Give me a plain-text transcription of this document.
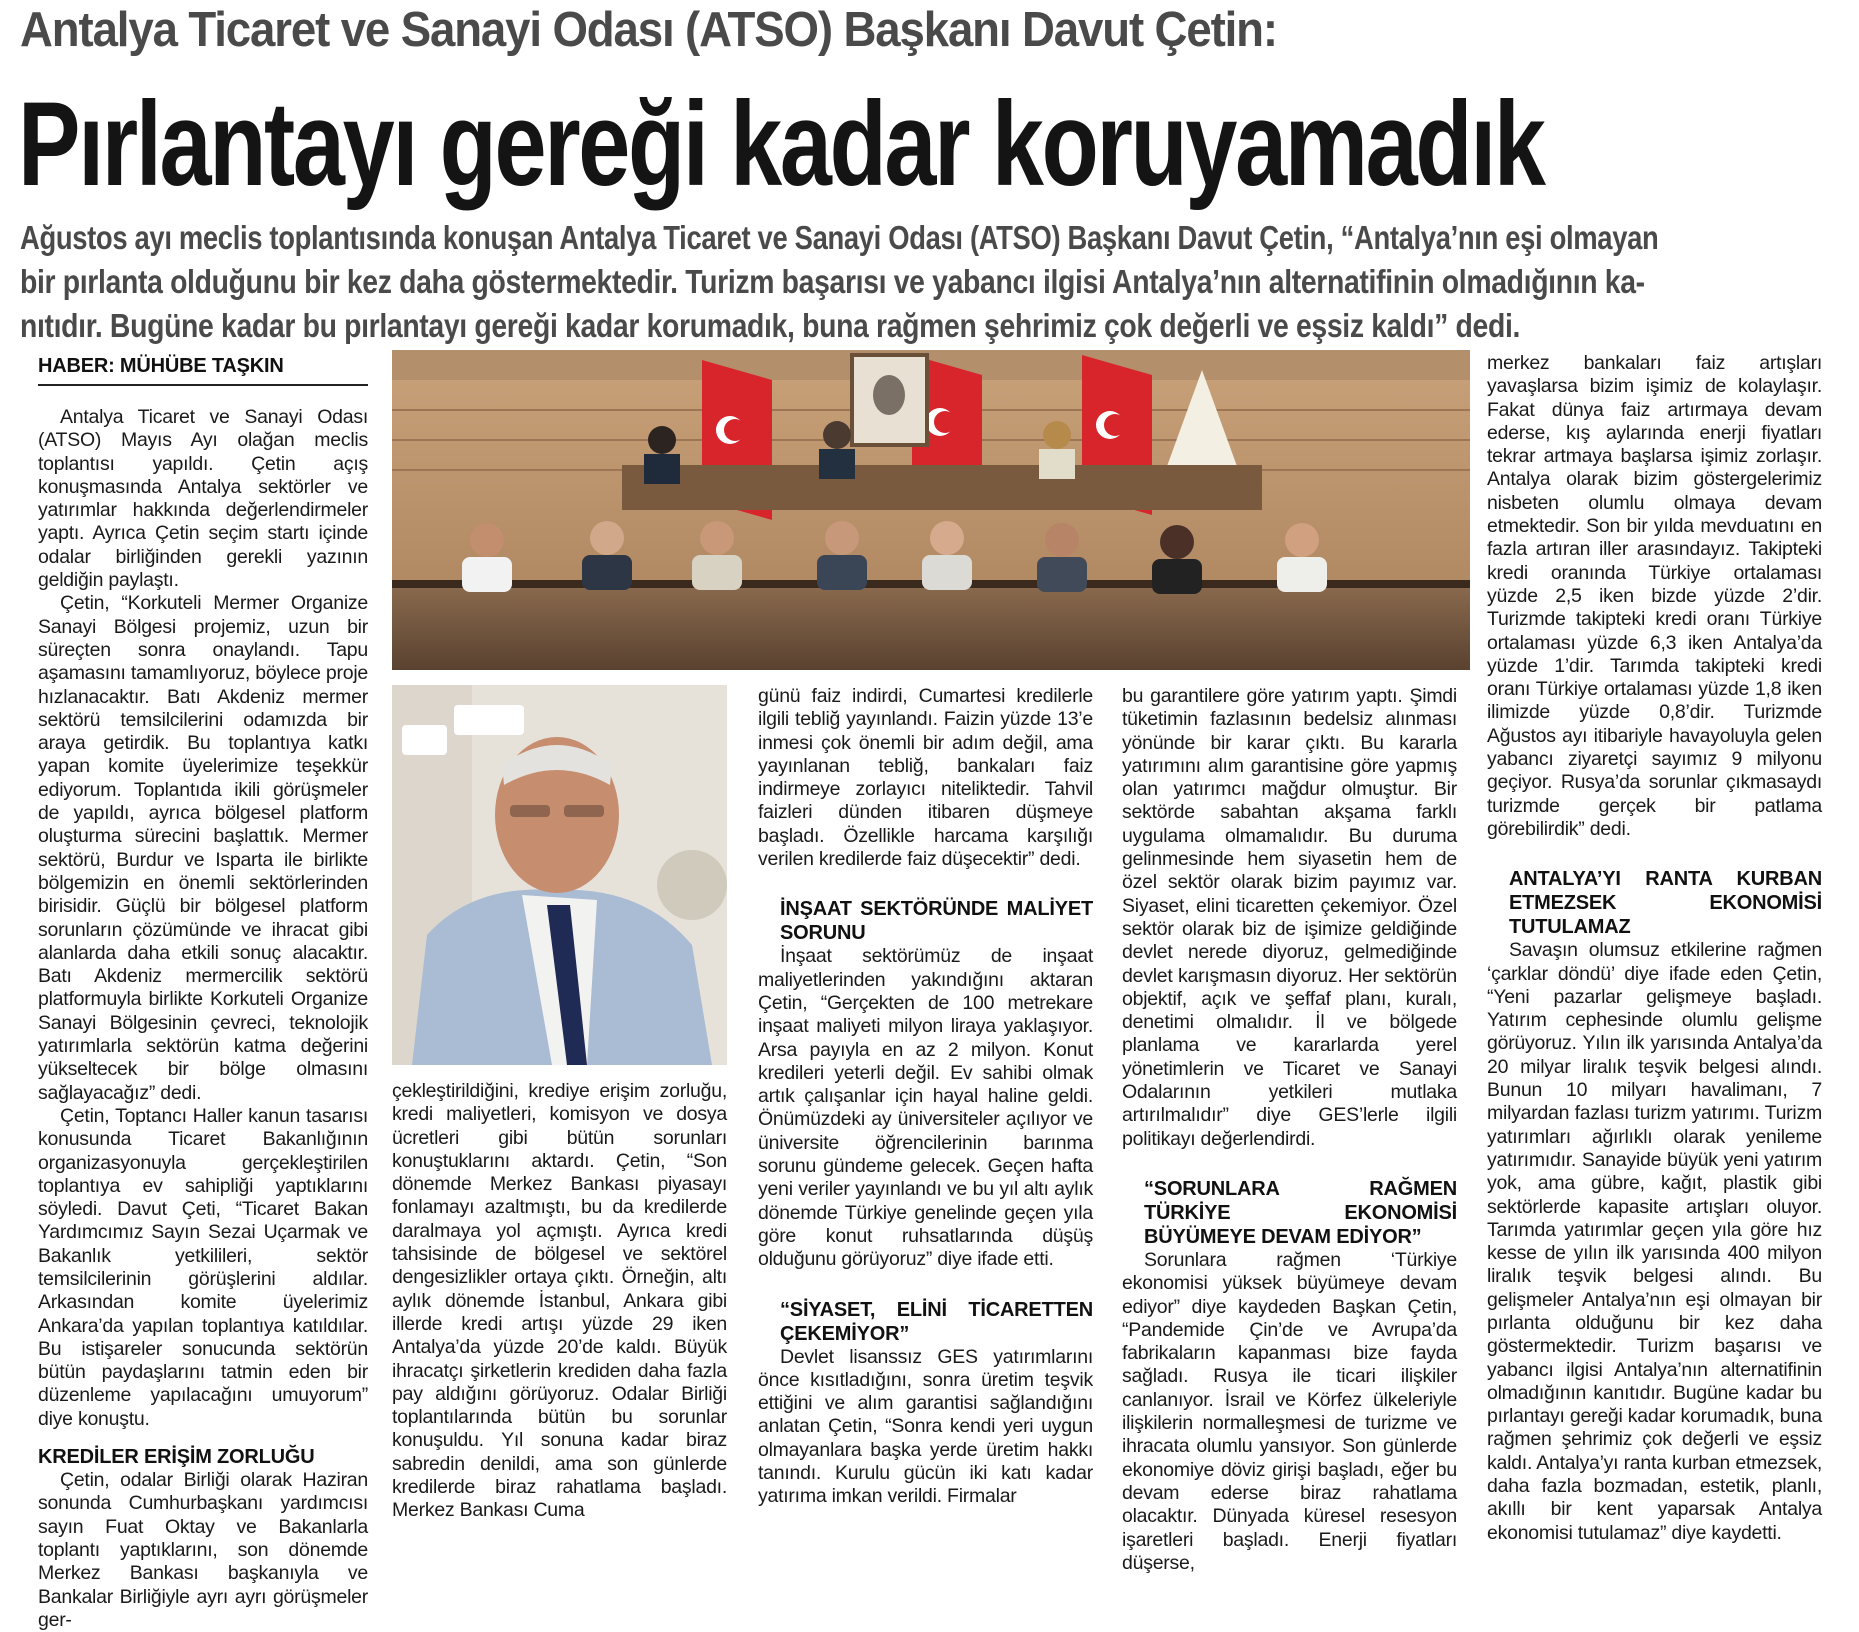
Antalya Ticaret ve Sanayi Odası (ATSO) Başkanı Davut Çetin:
Pırlantayı gereği kadar koruyamadık
Ağustos ayı meclis toplantısında konuşan Antalya Ticaret ve Sanayi Odası (ATSO) Başkanı Davut Çetin, “Antalya’nın eşi olmayan
bir pırlanta olduğunu bir kez daha göstermektedir. Turizm başarısı ve yabancı ilgisi Antalya’nın alternatifinin olmadığının ka-
nıtıdır. Bugüne kadar bu pırlantayı gereği kadar korumadık, buna rağmen şehrimiz çok değerli ve eşsiz kaldı” dedi.
HABER: MÜHÜBE TAŞKIN

Antalya Ticaret ve Sanayi Odası (ATSO) Mayıs Ayı olağan meclis toplantısı yapıldı. Çetin açış konuşmasında Antalya sektörler ve yatırımlar hakkında değerlendirmeler yaptı. Ayrıca Çetin seçim startı içinde odalar birliğinden gerekli yazının geldiğin paylaştı.

Çetin, “Korkuteli Mermer Organize Sanayi Bölgesi projemiz, uzun bir süreçten sonra onaylandı. Tapu aşamasını tamamlıyoruz, böylece proje hızlanacaktır. Batı Akdeniz mermer sektörü temsilcilerini odamızda bir araya getirdik. Bu toplantıya katkı yapan komite üyelerimize teşekkür ediyorum. Toplantıda ikili görüşmeler de yapıldı, ayrıca bölgesel platform oluşturma sürecini başlattık. Mermer sektörü, Burdur ve Isparta ile birlikte bölgemizin en önemli sektörlerinden birisidir. Güçlü bir bölgesel platform sorunların çözümünde ve ihracat gibi alanlarda daha etkili sonuç alacaktır. Batı Akdeniz mermercilik sektörü platformuyla birlikte Korkuteli Organize Sanayi Bölgesinin çevreci, teknolojik yatırımlarla sektörün katma değerini yükseltecek bir bölge olmasını sağlayacağız” dedi.

Çetin, Toptancı Haller kanun tasarısı konusunda Ticaret Bakanlığının organizasyonuyla gerçekleştirilen toplantıya ev sahipliği yaptıklarını söyledi. Davut Çeti, “Ticaret Bakan Yardımcımız Sayın Sezai Uçarmak ve Bakanlık yetkilileri, sektör temsilcilerinin görüşlerini aldılar. Arkasından komite üyelerimiz Ankara’da yapılan toplantıya katıldılar. Bu istişareler sonucunda sektörün bütün paydaşlarını tatmin eden bir düzenleme yapılacağını umuyorum” diye konuştu.

KREDİLER ERİŞİM ZORLUĞU

Çetin, odalar Birliği olarak Haziran sonunda Cumhurbaşkanı yardımcısı sayın Fuat Oktay ve Bakanlarla toplantı yaptıklarını, son dönemde Merkez Bankası başkanıyla ve Bankalar Birliğiyle ayrı ayrı görüşmeler ger-

çekleştirildiğini, krediye erişim zorluğu, kredi maliyetleri, komisyon ve dosya ücretleri gibi bütün sorunları konuştuklarını aktardı. Çetin, “Son dönemde Merkez Bankası piyasayı fonlamayı azaltmıştı, bu da kredilerde daralmaya yol açmıştı. Ayrıca kredi tahsisinde de bölgesel ve sektörel dengesizlikler ortaya çıktı. Örneğin, altı aylık dönemde İstanbul, Ankara gibi illerde kredi artışı yüzde 29 iken Antalya’da yüzde 20’de kaldı. Büyük ihracatçı şirketlerin krediden daha fazla pay aldığını görüyoruz. Odalar Birliği toplantılarında bütün bu sorunlar konuşuldu. Yıl sonuna kadar biraz sabredin denildi, ama son günlerde kredilerde biraz rahatlama başladı. Merkez Bankası Cuma

günü faiz indirdi, Cumartesi kredilerle ilgili tebliğ yayınlandı. Faizin yüzde 13’e inmesi çok önemli bir adım değil, ama yayınlanan tebliğ, bankaları faiz indirmeye zorlayıcı niteliktedir. Tahvil faizleri dünden itibaren düşmeye başladı. Özellikle harcama karşılığı verilen kredilerde faiz düşecektir” dedi.

İNŞAAT SEKTÖRÜNDE MALİYET SORUNU

İnşaat sektörümüz de inşaat maliyetlerinden yakındığını aktaran Çetin, “Gerçekten de 100 metrekare inşaat maliyeti milyon liraya yaklaşıyor. Arsa payıyla en az 2 milyon. Konut kredileri yeterli değil. Ev sahibi olmak artık çalışanlar için hayal haline geldi. Önümüzdeki ay üniversiteler açılıyor ve üniversite öğrencilerinin barınma sorunu gündeme gelecek. Geçen hafta yeni veriler yayınlandı ve bu yıl altı aylık dönemde Türkiye genelinde geçen yıla göre konut ruhsatlarında düşüş olduğunu görüyoruz” diye ifade etti.

“SİYASET, ELİNİ TİCARETTEN ÇEKEMİYOR”

Devlet lisanssız GES yatırımlarını önce kısıtladığını, sonra üretim teşvik ettiğini ve alım garantisi sağlandığını anlatan Çetin, “Sonra kendi yeri uygun olmayanlara başka yerde üretim hakkı tanındı. Kurulu gücün iki katı kadar yatırıma imkan verildi. Firmalar

bu garantilere göre yatırım yaptı. Şimdi tüketimin fazlasının bedelsiz alınması yönünde bir karar çıktı. Bu kararla yatırımını alım garantisine göre yapmış olan yatırımcı mağdur olmuştur. Bir sektörde sabahtan akşama farklı uygulama olmamalıdır. Bu duruma gelinmesinde hem siyasetin hem de özel sektör olarak bizim payımız var. Siyaset, elini ticaretten çekemiyor. Özel sektör olarak biz de işimize geldiğinde devlet nerede diyoruz, gelmediğinde devlet karışmasın diyoruz. Her sektörün objektif, açık ve şeffaf planı, kuralı, denetimi olmalıdır. İl ve bölgede planlama ve kararlarda yerel yönetimlerin ve Ticaret ve Sanayi Odalarının yetkileri mutlaka artırılmalıdır” diye GES’lerle ilgili politikayı değerlendirdi.

“SORUNLARA RAĞMEN TÜRKİYE EKONOMİSİ BÜYÜMEYE DEVAM EDİYOR”

Sorunlara rağmen ‘Türkiye ekonomisi yüksek büyümeye devam ediyor” diye kaydeden Başkan Çetin, “Pandemide Çin’de ve Avrupa’da fabrikaların kapanması bize fayda sağladı. Rusya ile ticari ilişkiler canlanıyor. İsrail ve Körfez ülkeleriyle ilişkilerin normalleşmesi de turizme ve ihracata olumlu yansıyor. Son günlerde ekonomiye döviz girişi başladı, eğer bu devam ederse biraz rahatlama olacaktır. Dünyada küresel resesyon işaretleri başladı. Enerji fiyatları düşerse,

merkez bankaları faiz artışları yavaşlarsa bizim işimiz de kolaylaşır. Fakat dünya faiz artırmaya devam ederse, kış aylarında enerji fiyatları tekrar artmaya başlarsa işimiz zorlaşır. Antalya olarak bizim göstergelerimiz nisbeten olumlu olmaya devam etmektedir. Son bir yılda mevduatını en fazla artıran iller arasındayız. Takipteki kredi oranında Türkiye ortalaması yüzde 2,5 iken bizde yüzde 2’dir. Turizmde takipteki kredi oranı Türkiye ortalaması yüzde 6,3 iken Antalya’da yüzde 1’dir. Tarımda takipteki kredi oranı Türkiye ortalaması yüzde 1,8 iken ilimizde yüzde 0,8’dir. Turizmde Ağustos ayı itibariyle havayoluyla gelen yabancı ziyaretçi sayımız 9 milyonu geçiyor. Rusya’da sorunlar çıkmasaydı turizmde gerçek bir patlama görebilirdik” dedi.

ANTALYA’YI RANTA KURBAN ETMEZSEK EKONOMİSİ TUTULAMAZ

Savaşın olumsuz etkilerine rağmen ‘çarklar döndü’ diye ifade eden Çetin, “Yeni pazarlar gelişmeye başladı. Yatırım cephesinde olumlu gelişme görüyoruz. Yılın ilk yarısında Antalya’da 20 milyar liralık teşvik belgesi alındı. Bunun 10 milyarı havalimanı, 7 milyardan fazlası turizm yatırımı. Turizm yatırımları ağırlıklı olarak yenileme yatırımıdır. Sanayide büyük yeni yatırım yok, ama gübre, kağıt, plastik gibi sektörlerde kapasite artışları oluyor. Tarımda yatırımlar geçen yıla göre hız kesse de yılın ilk yarısında 400 milyon liralık teşvik belgesi alındı. Bu gelişmeler Antalya’nın eşi olmayan bir pırlanta olduğunu bir kez daha göstermektedir. Turizm başarısı ve yabancı ilgisi Antalya’nın alternatifinin olmadığının kanıtıdır. Bugüne kadar bu pırlantayı gereği kadar korumadık, buna rağmen şehrimiz çok değerli ve eşsiz kaldı. Antalya’yı ranta kurban etmezsek, daha fazla bozmadan, estetik, planlı, akıllı bir kent yaparsak Antalya ekonomisi tutulamaz” diye kaydetti.
